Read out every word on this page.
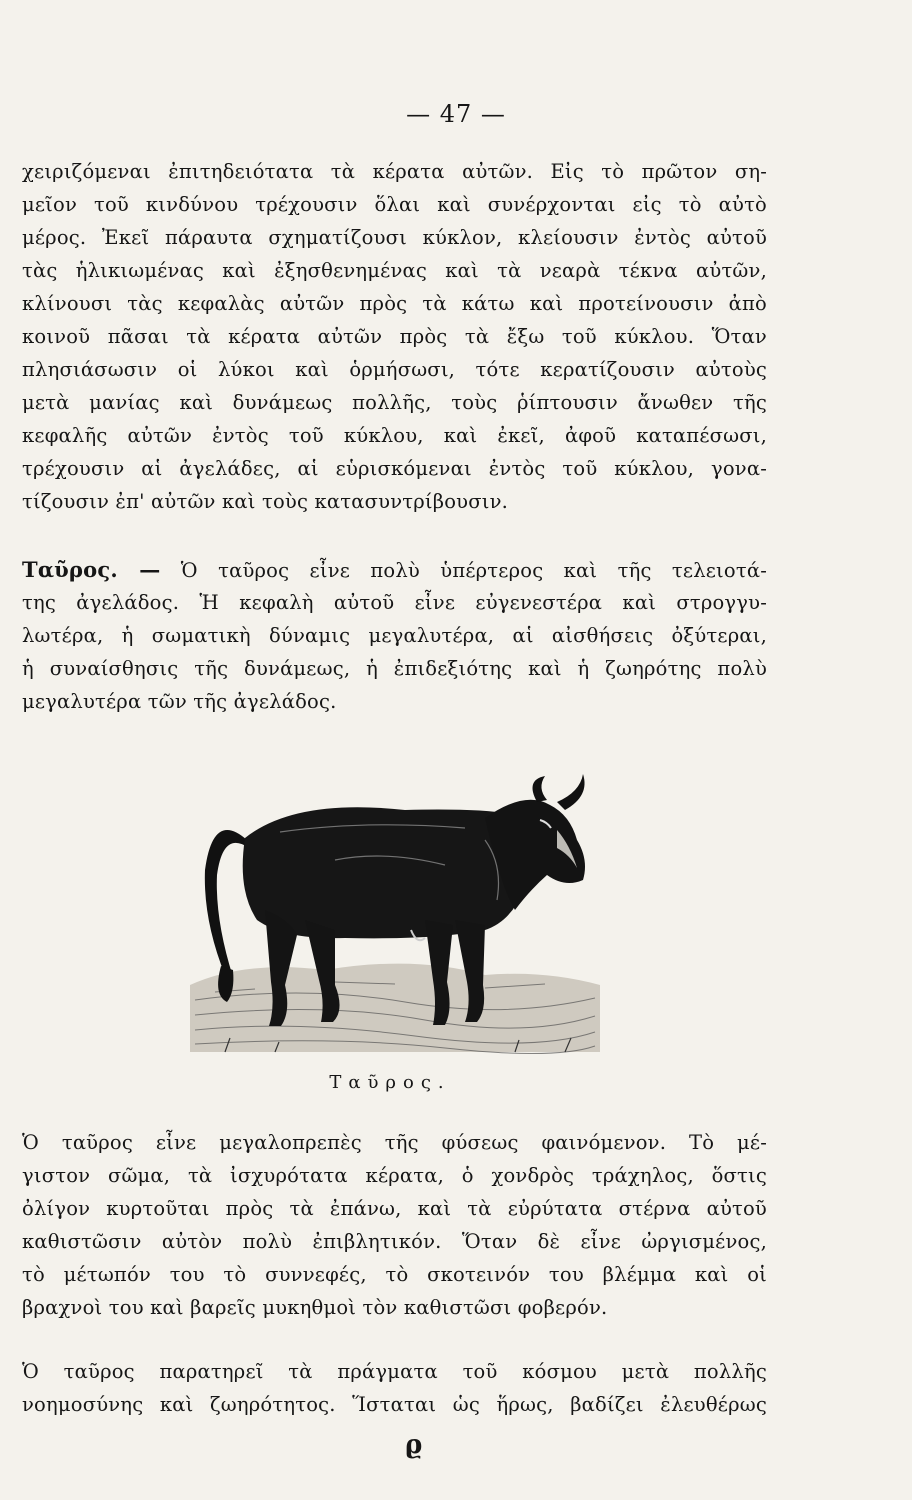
— 47 —
χειριζόμεναι ἐπιτηδειότατα τὰ κέρατα αὐτῶν. Εἰς τὸ πρῶτον ση-
μεῖον τοῦ κινδύνου τρέχουσιν ὅλαι καὶ συνέρχονται εἰς τὸ αὐτὸ
μέρος. Ἐκεῖ πάραυτα σχηματίζουσι κύκλον, κλείουσιν ἐντὸς αὐτοῦ
τὰς ἡλικιωμένας καὶ ἐξησθενημένας καὶ τὰ νεαρὰ τέκνα αὐτῶν,
κλίνουσι τὰς κεφαλὰς αὐτῶν πρὸς τὰ κάτω καὶ προτείνουσιν ἀπὸ
κοινοῦ πᾶσαι τὰ κέρατα αὐτῶν πρὸς τὰ ἔξω τοῦ κύκλου. Ὅταν
πλησιάσωσιν οἱ λύκοι καὶ ὁρμήσωσι, τότε κερατίζουσιν αὐτοὺς
μετὰ μανίας καὶ δυνάμεως πολλῆς, τοὺς ῥίπτουσιν ἄνωθεν τῆς
κεφαλῆς αὐτῶν ἐντὸς τοῦ κύκλου, καὶ ἐκεῖ, ἀφοῦ καταπέσωσι,
τρέχουσιν αἱ ἀγελάδες, αἱ εὑρισκόμεναι ἐντὸς τοῦ κύκλου, γονα-
τίζουσιν ἐπ' αὐτῶν καὶ τοὺς κατασυντρίβουσιν.
Ταῦρος. — Ὁ ταῦρος εἶνε πολὺ ὑπέρτερος καὶ τῆς τελειοτά-
της ἀγελάδος. Ἡ κεφαλὴ αὐτοῦ εἶνε εὐγενεστέρα καὶ στρογγυ-
λωτέρα, ἡ σωματικὴ δύναμις μεγαλυτέρα, αἱ αἰσθήσεις ὀξύτεραι,
ἡ συναίσθησις τῆς δυνάμεως, ἡ ἐπιδεξιότης καὶ ἡ ζωηρότης πολὺ
μεγαλυτέρα τῶν τῆς ἀγελάδος.
Ταῦρος.
Ὁ ταῦρος εἶνε μεγαλοπρεπὲς τῆς φύσεως φαινόμενον. Τὸ μέ-
γιστον σῶμα, τὰ ἰσχυρότατα κέρατα, ὁ χονδρὸς τράχηλος, ὅστις
ὀλίγον κυρτοῦται πρὸς τὰ ἐπάνω, καὶ τὰ εὐρύτατα στέρνα αὐτοῦ
καθιστῶσιν αὐτὸν πολὺ ἐπιβλητικόν. Ὅταν δὲ εἶνε ὠργισμένος,
τὸ μέτωπόν του τὸ συννεφές, τὸ σκοτεινόν του βλέμμα καὶ οἱ
βραχνοὶ του καὶ βαρεῖς μυκηθμοὶ τὸν καθιστῶσι φοβερόν.
Ὁ ταῦρος παρατηρεῖ τὰ πράγματα τοῦ κόσμου μετὰ πολλῆς
νοημοσύνης καὶ ζωηρότητος. Ἵσταται ὡς ἥρως, βαδίζει ἐλευθέρως
ϱ
